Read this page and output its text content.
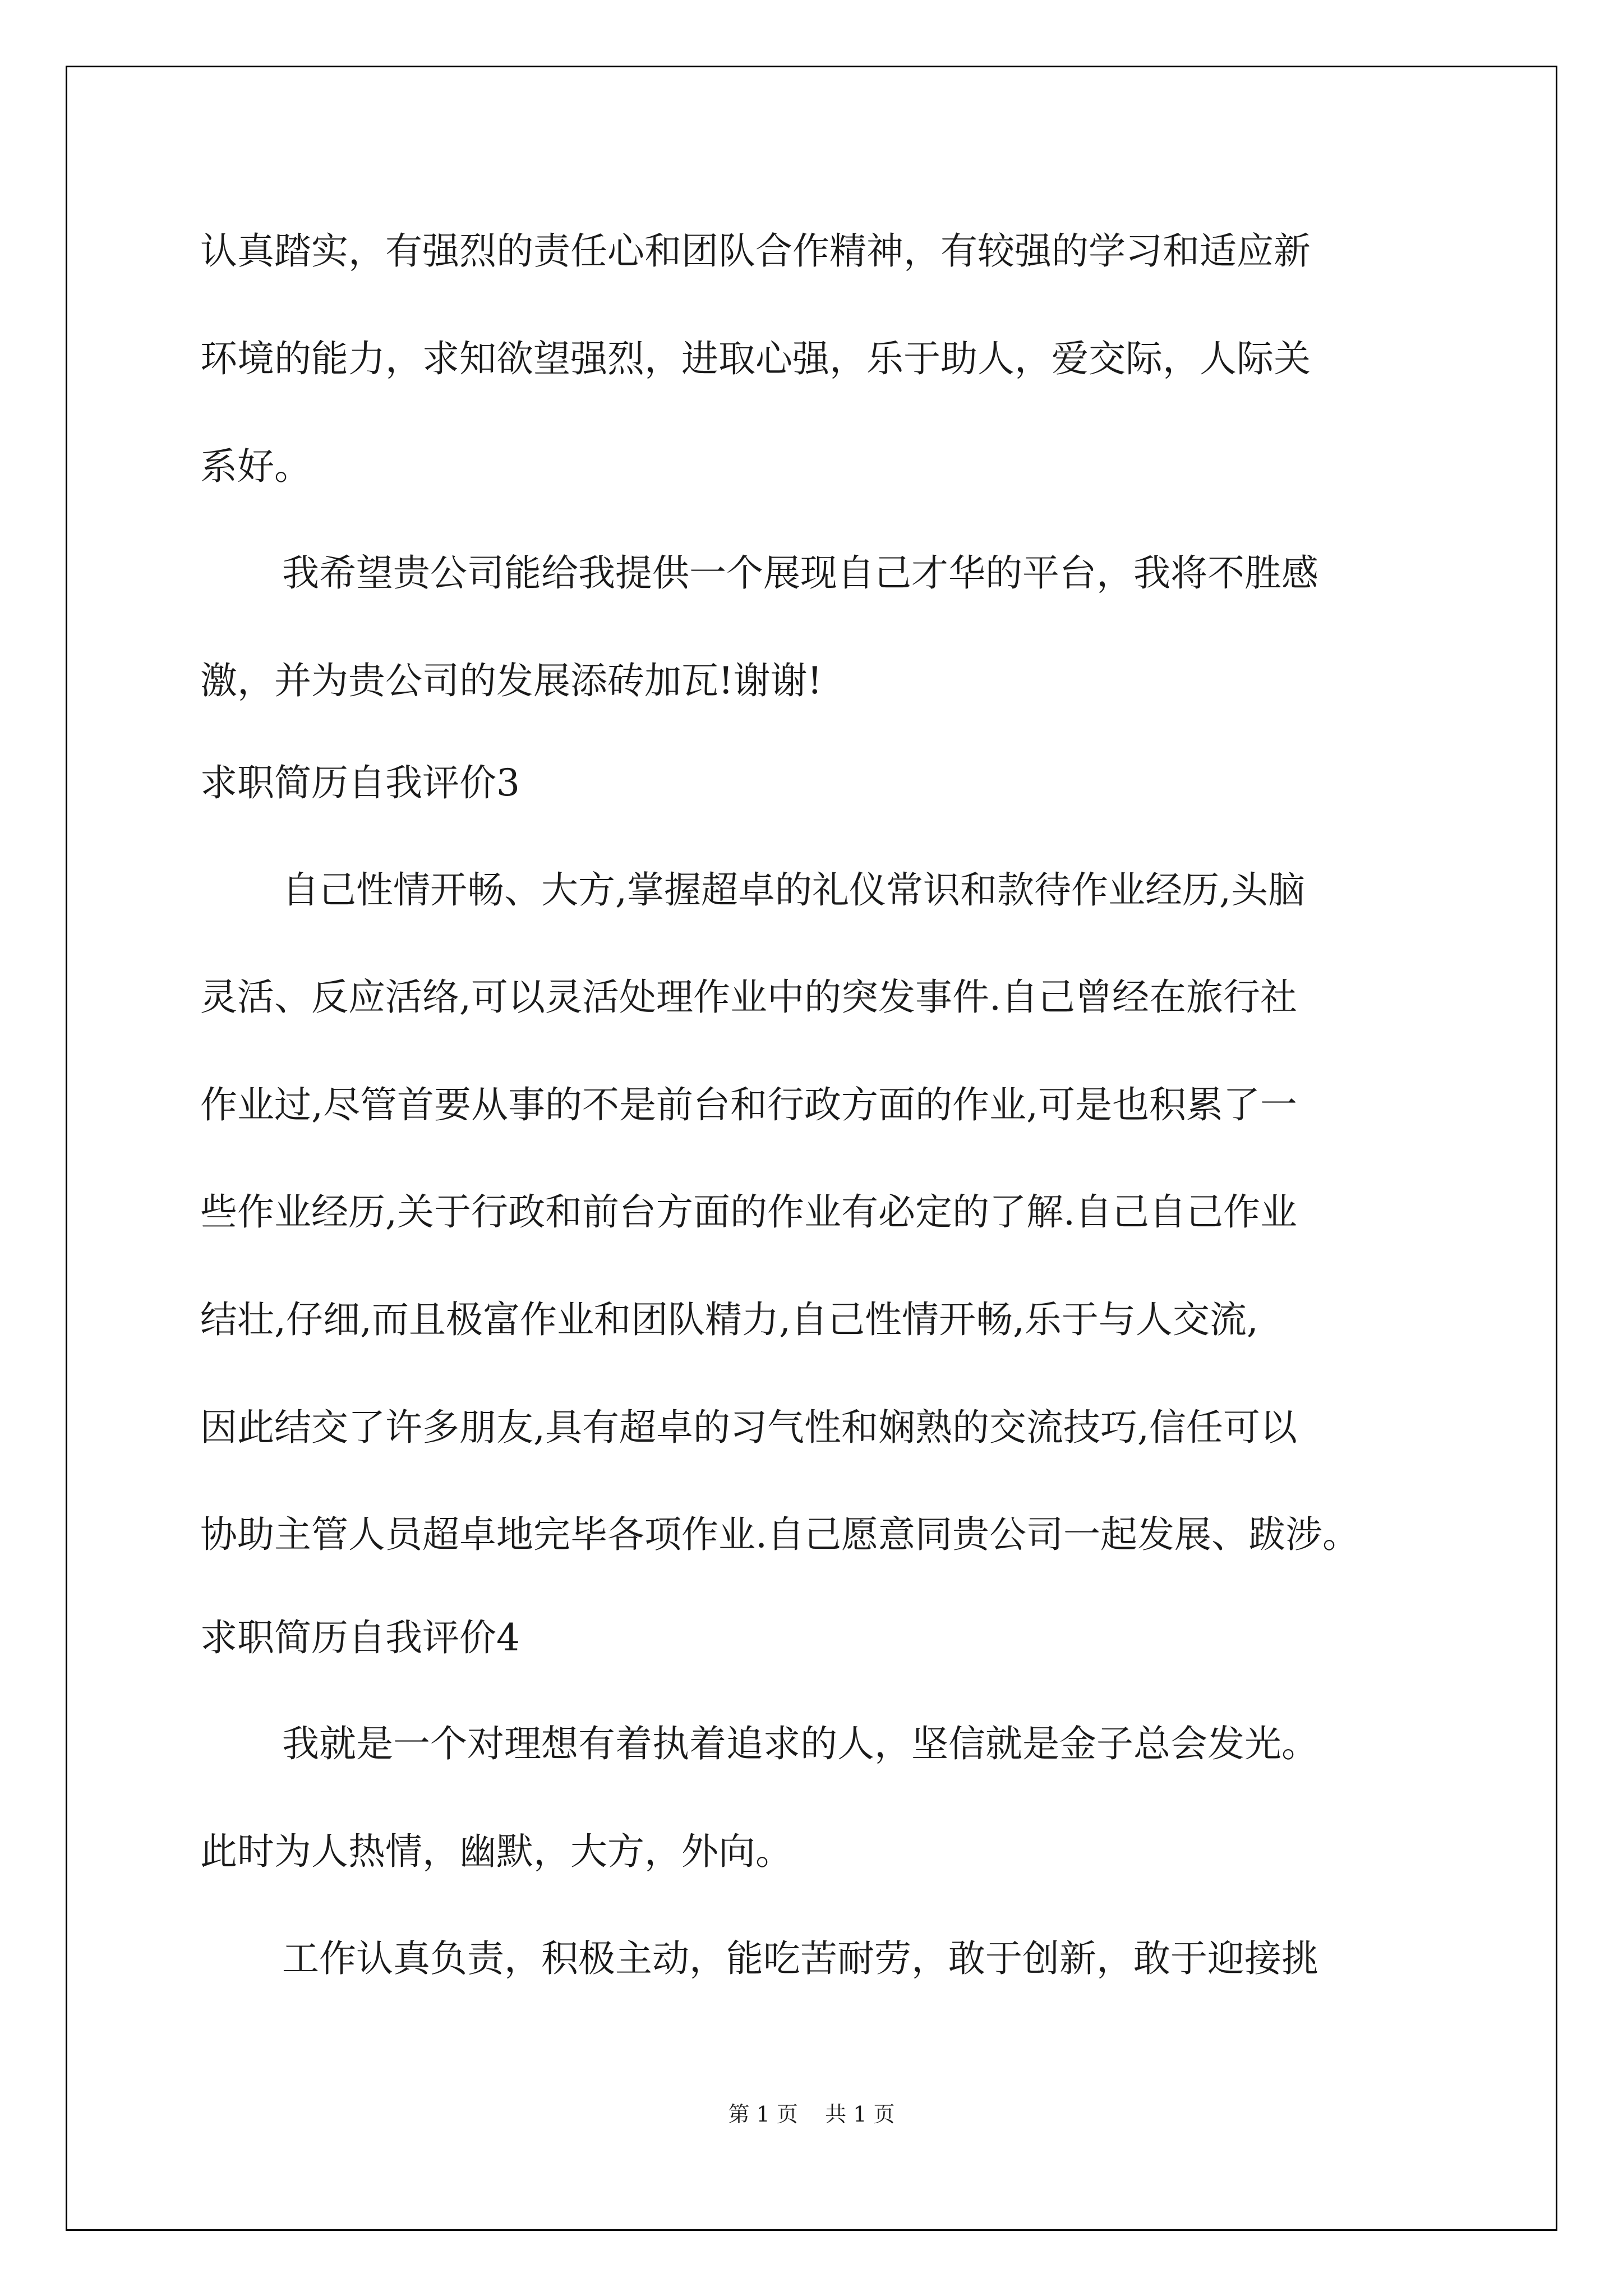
认真踏实，有强烈的责任心和团队合作精神，有较强的学习和适应新

环境的能力，求知欲望强烈，进取心强，乐于助人，爱交际，人际关

系好。

我希望贵公司能给我提供一个展现自己才华的平台，我将不胜感

激，并为贵公司的发展添砖加瓦!谢谢!

求职简历自我评价3

自己性情开畅、大方,掌握超卓的礼仪常识和款待作业经历,头脑

灵活、反应活络,可以灵活处理作业中的突发事件.自己曾经在旅行社

作业过,尽管首要从事的不是前台和行政方面的作业,可是也积累了一

些作业经历,关于行政和前台方面的作业有必定的了解.自己自己作业

结壮,仔细,而且极富作业和团队精力,自己性情开畅,乐于与人交流,

因此结交了许多朋友,具有超卓的习气性和娴熟的交流技巧,信任可以

协助主管人员超卓地完毕各项作业.自己愿意同贵公司一起发展、跋涉。

求职简历自我评价4

我就是一个对理想有着执着追求的人，坚信就是金子总会发光。

此时为人热情，幽默，大方，外向。

工作认真负责，积极主动，能吃苦耐劳，敢于创新，敢于迎接挑

第 1 页    共 1 页
